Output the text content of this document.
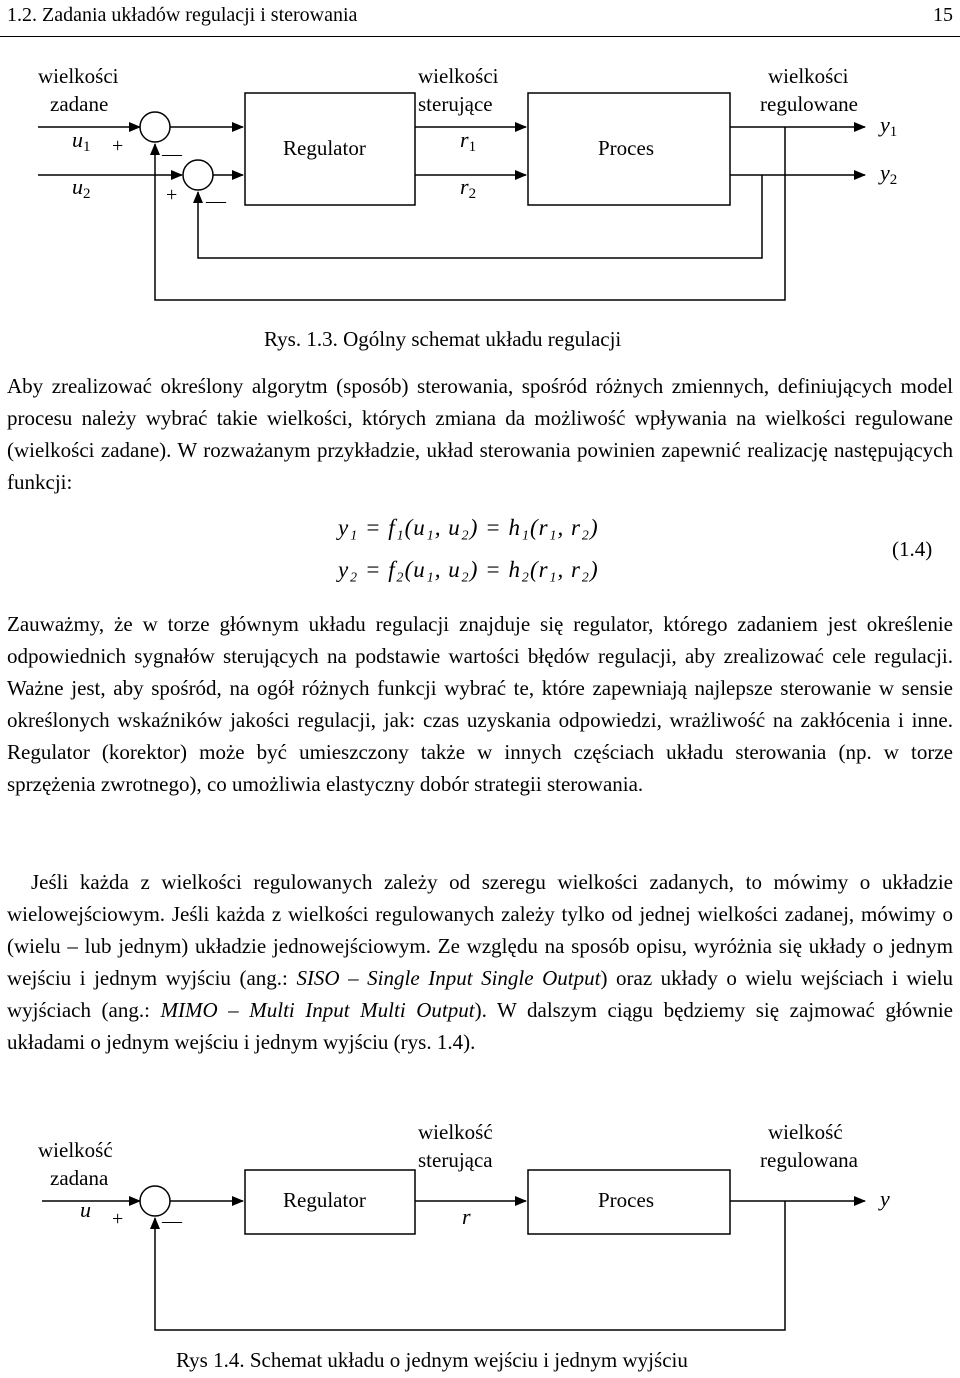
1.2. Zadania układów regulacji i sterowania	15
wielkości
zadane
wielkości
sterujące
wielkości
regulowane
Regulator	Proces
$u_1$
$u_2$
$r_1$
$r_2$
$y_1$
$y_2$
+ —
+ —
Rys. 1.3. Ogólny schemat układu regulacji

Aby zrealizować określony algorytm (sposób) sterowania, spośród różnych zmiennych, definiujących model procesu należy wybrać takie wielkości, których zmiana da możliwość wpływania na wielkości regulowane (wielkości zadane). W rozważanym przykładzie, układ sterowania powinien zapewnić realizację następujących funkcji:

y₁ = f₁(u₁, u₂) = h₁(r₁, r₂)
y₂ = f₂(u₁, u₂) = h₂(r₁, r₂)
(1.4)

Zauważmy, że w torze głównym układu regulacji znajduje się regulator, którego zadaniem jest określenie odpowiednich sygnałów sterujących na podstawie wartości błędów regulacji, aby zrealizować cele regulacji. Ważne jest, aby spośród, na ogół różnych funkcji wybrać te, które zapewniają najlepsze sterowanie w sensie określonych wskaźników jakości regulacji, jak: czas uzyskania odpowiedzi, wrażliwość na zakłócenia i inne. Regulator (korektor) może być umieszczony także w innych częściach układu sterowania (np. w torze sprzężenia zwrotnego), co umożliwia elastyczny dobór strategii sterowania.

Jeśli każda z wielkości regulowanych zależy od szeregu wielkości zadanych, to mówimy o układzie wielowejściowym. Jeśli każda z wielkości regulowanych zależy tylko od jednej wielkości zadanej, mówimy o (wielu – lub jednym) układzie jednowejściowym. Ze względu na sposób opisu, wyróżnia się układy o jednym wejściu i jednym wyjściu (ang.: SISO – Single Input Single Output) oraz układy o wielu wejściach i wielu wyjściach (ang.: MIMO – Multi Input Multi Output). W dalszym ciągu będziemy się zajmować głównie układami o jednym wejściu i jednym wyjściu (rys. 1.4).

wielkość
zadana
wielkość
sterująca
wielkość
regulowana
Regulator	Proces
u	r
y
+ —
Rys 1.4. Schemat układu o jednym wejściu i jednym wyjściu
